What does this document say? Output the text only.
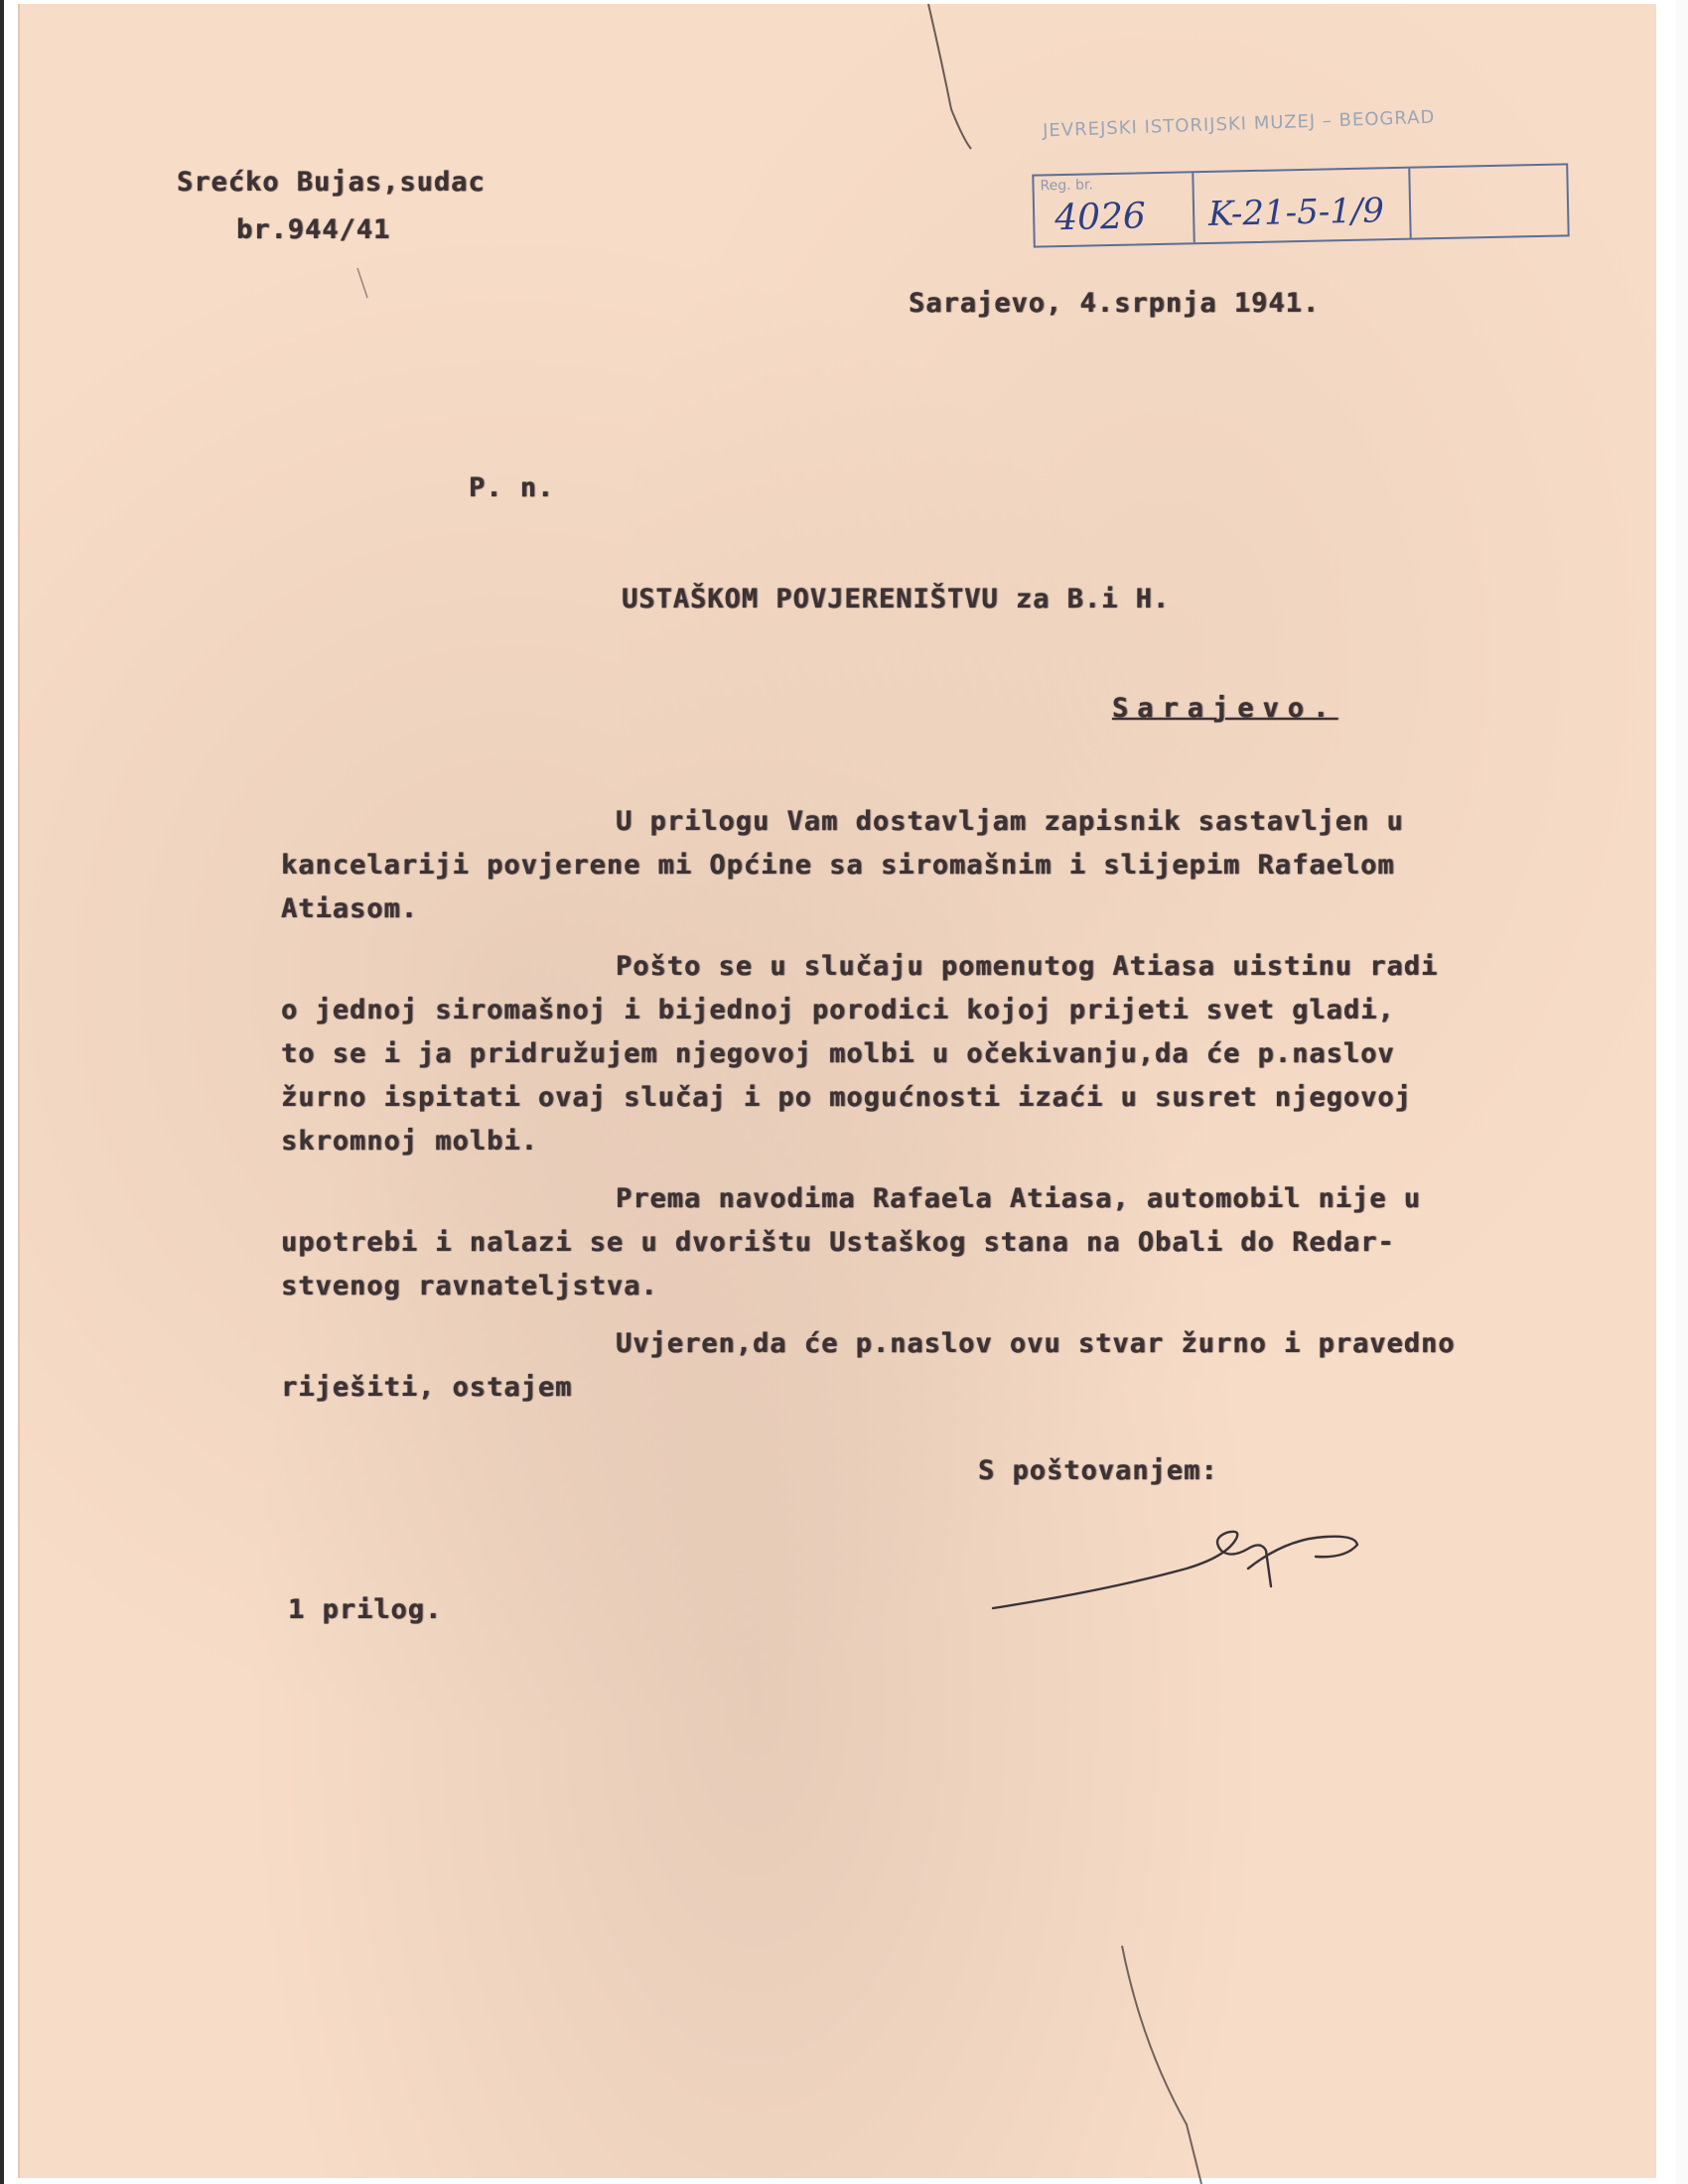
Srećko Bujas,sudac
br.944/41
JEVREJSKI ISTORIJSKI MUZEJ – BEOGRAD
Reg. br.
4026 K-21-5-1/9
Sarajevo, 4.srpnja 1941.
P. n.
USTAŠKOM POVJERENIŠTVU za B.i H.
Sarajevo.
U prilogu Vam dostavljam zapisnik sastavljen u
kancelariji povjerene mi Općine sa siromašnim i slijepim Rafaelom
Atiasom.
Pošto se u slučaju pomenutog Atiasa uistinu radi
o jednoj siromašnoj i bijednoj porodici kojoj prijeti svet gladi,
to se i ja pridružujem njegovoj molbi u očekivanju,da će p.naslov
žurno ispitati ovaj slučaj i po mogućnosti izaći u susret njegovoj
skromnoj molbi.
Prema navodima Rafaela Atiasa, automobil nije u
upotrebi i nalazi se u dvorištu Ustaškog stana na Obali do Redar-
stvenog ravnateljstva.
Uvjeren,da će p.naslov ovu stvar žurno i pravedno
riješiti, ostajem
S poštovanjem:
1 prilog.
